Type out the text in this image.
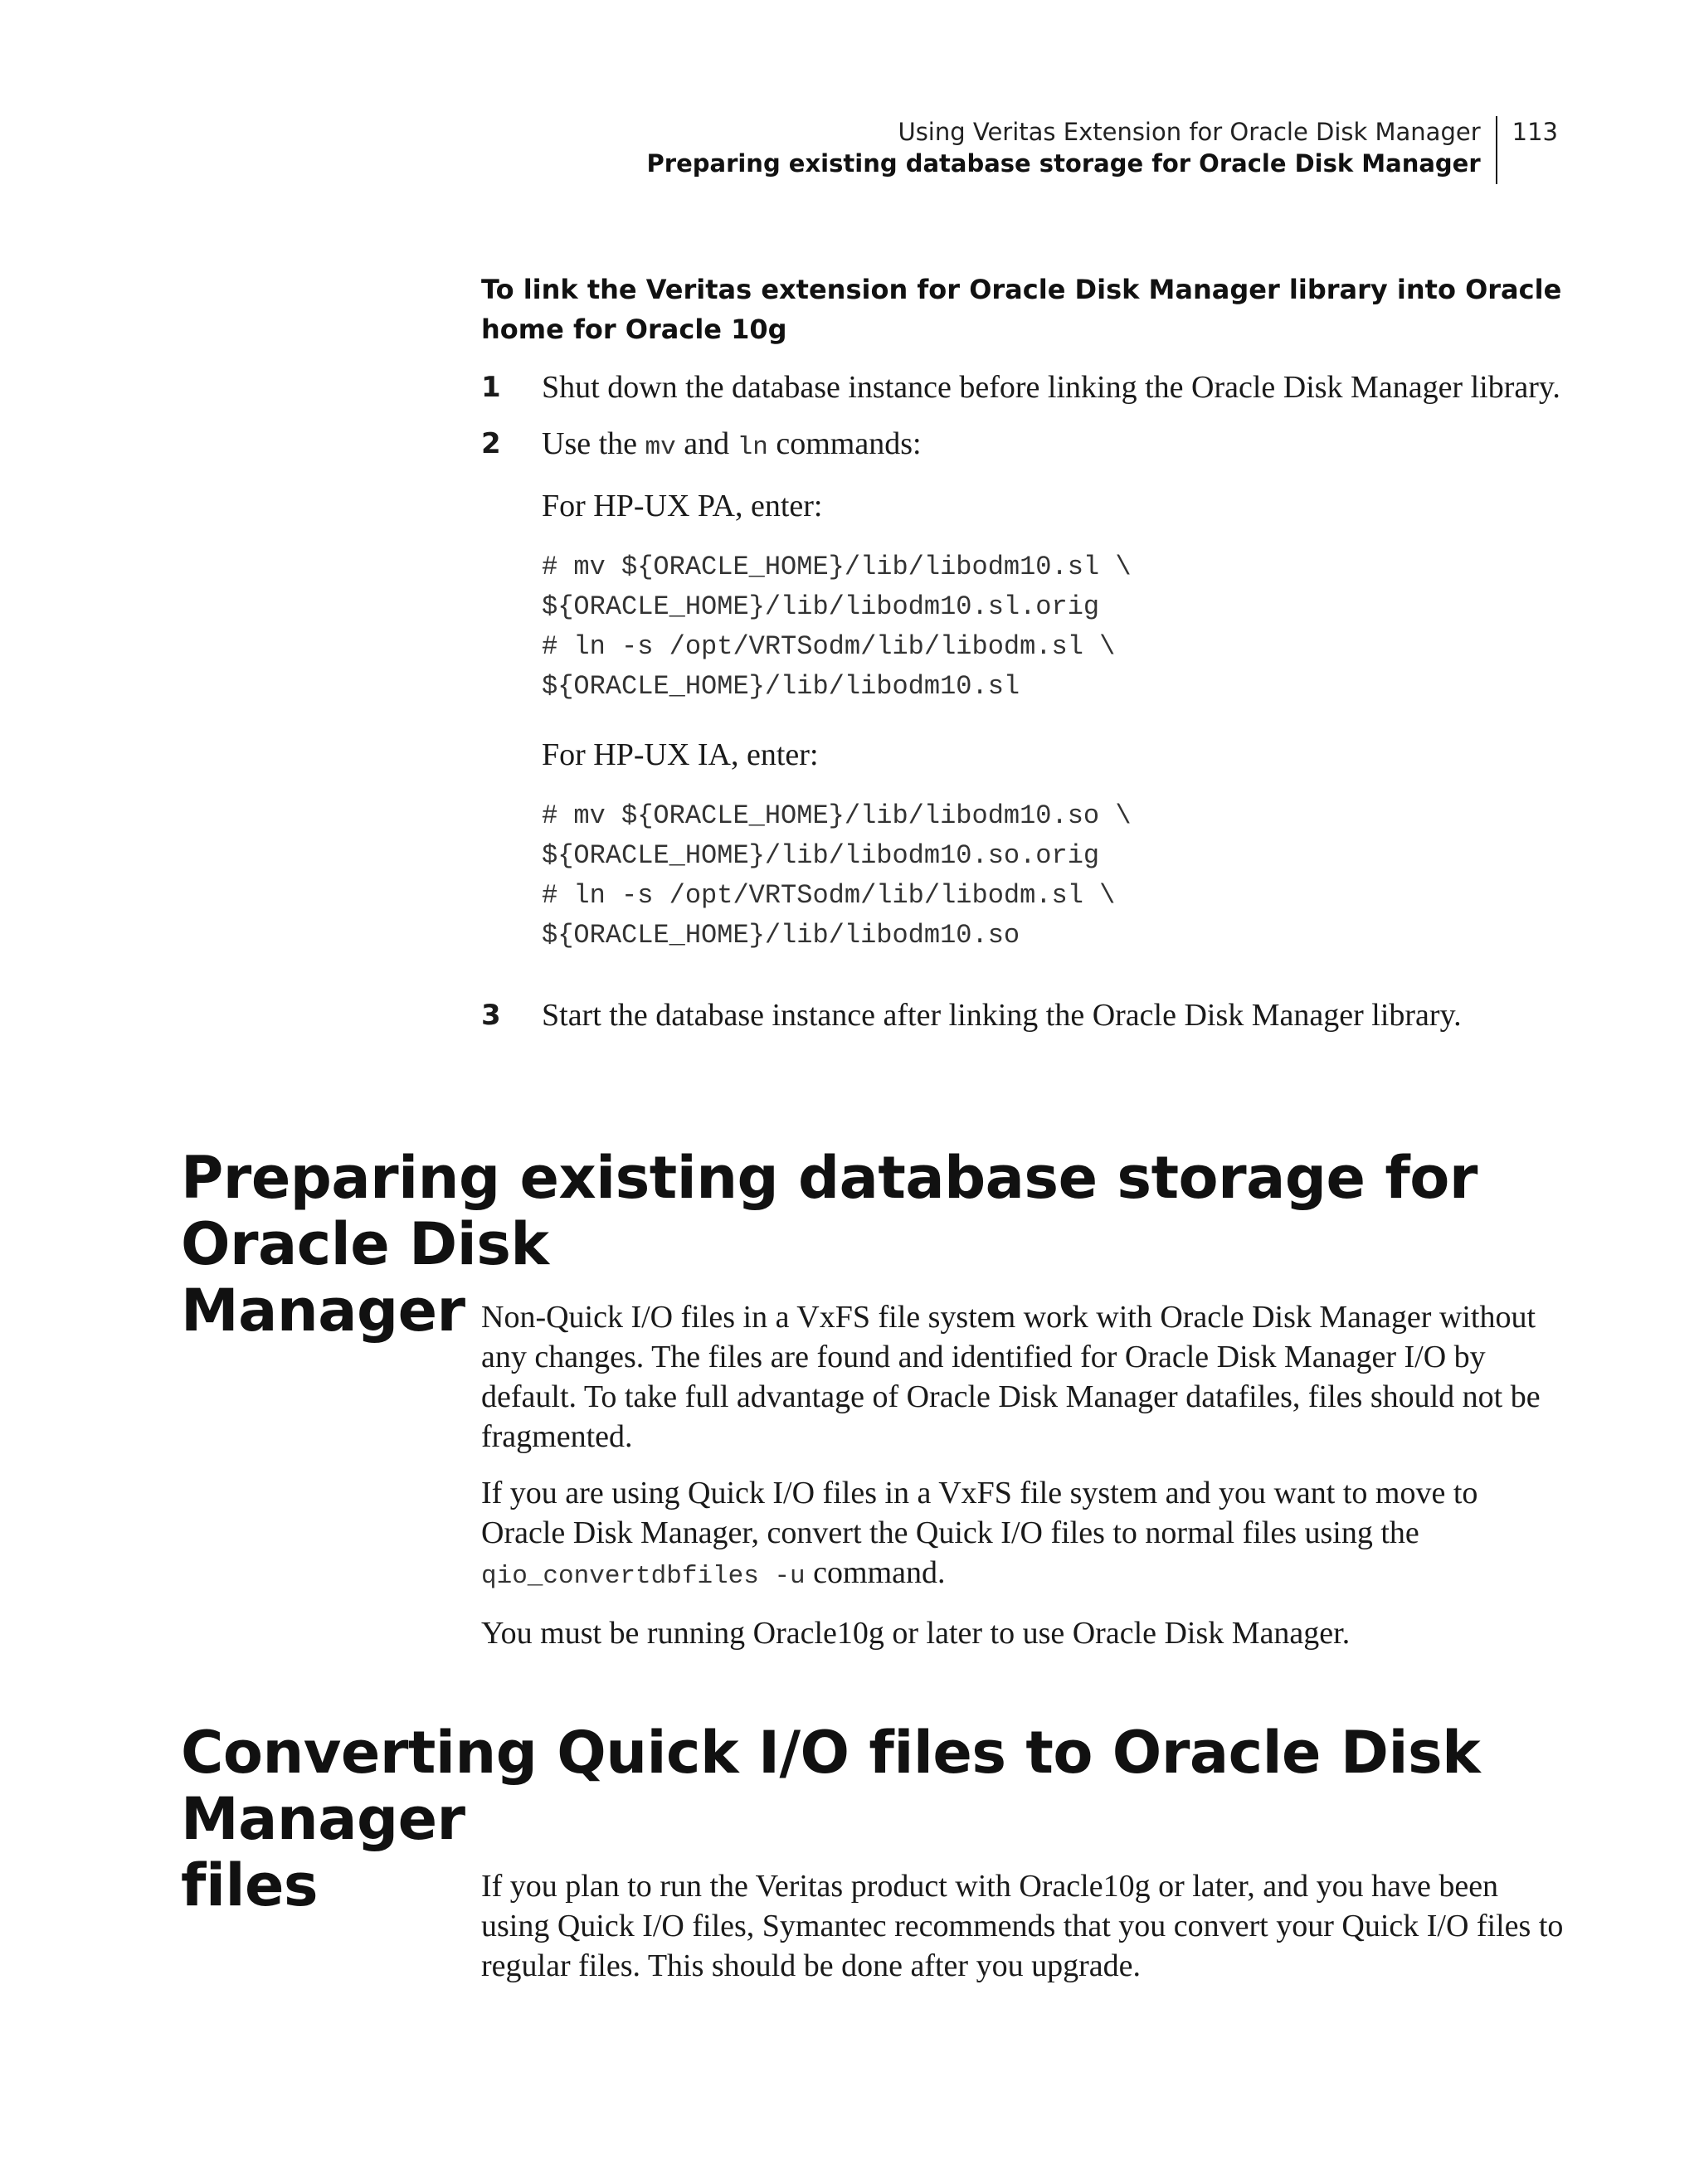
Using Veritas Extension for Oracle Disk Manager
Preparing existing database storage for Oracle Disk Manager
113
To link the Veritas extension for Oracle Disk Manager library into Oracle home for Oracle 10g
1	Shut down the database instance before linking the Oracle Disk Manager library.
2	Use the mv and ln commands:
For HP-UX PA, enter:
# mv ${ORACLE_HOME}/lib/libodm10.sl \
${ORACLE_HOME}/lib/libodm10.sl.orig
# ln -s /opt/VRTSodm/lib/libodm.sl \
${ORACLE_HOME}/lib/libodm10.sl
For HP-UX IA, enter:
# mv ${ORACLE_HOME}/lib/libodm10.so \
${ORACLE_HOME}/lib/libodm10.so.orig
# ln -s /opt/VRTSodm/lib/libodm.sl \
${ORACLE_HOME}/lib/libodm10.so
3	Start the database instance after linking the Oracle Disk Manager library.
Preparing existing database storage for Oracle Disk
Manager Non-Quick I/O files in a VxFS file system work with Oracle Disk Manager without any changes. The files are found and identified for Oracle Disk Manager I/O by default. To take full advantage of Oracle Disk Manager datafiles, files should not be fragmented.
If you are using Quick I/O files in a VxFS file system and you want to move to Oracle Disk Manager, convert the Quick I/O files to normal files using the qio_convertdbfiles -u command.
You must be running Oracle10g or later to use Oracle Disk Manager.
Converting Quick I/O files to Oracle Disk Manager
files	If you plan to run the Veritas product with Oracle10g or later, and you have been using Quick I/O files, Symantec recommends that you convert your Quick I/O files to regular files. This should be done after you upgrade.
